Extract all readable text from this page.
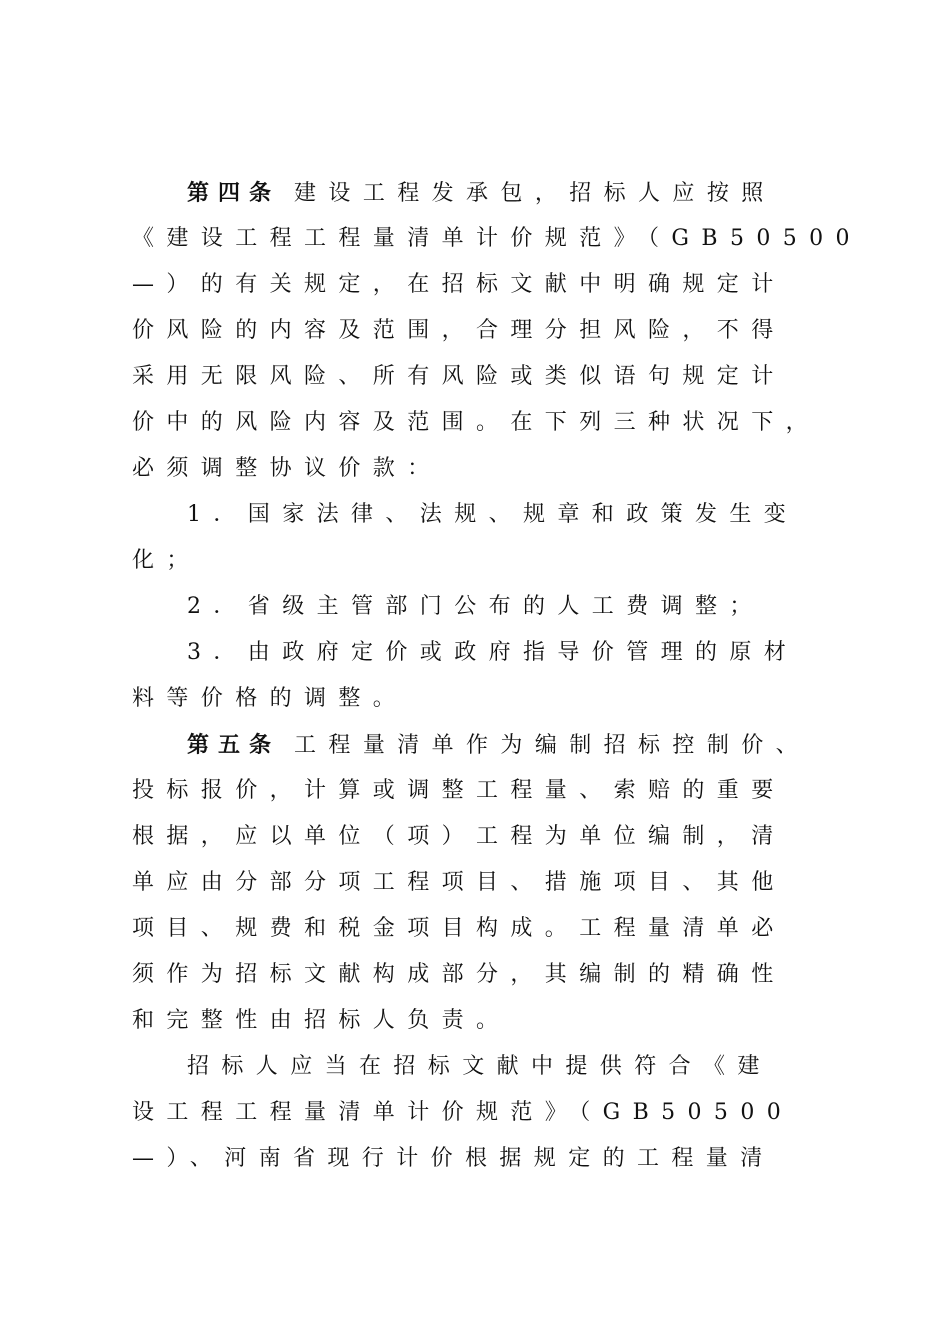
第四条 建设工程发承包，招标人应按照
《建设工程工程量清单计价规范》（GB50500
—）的有关规定，在招标文献中明确规定计
价风险的内容及范围，合理分担风险，不得
采用无限风险、所有风险或类似语句规定计
价中的风险内容及范围。在下列三种状况下，
必须调整协议价款：
1．国家法律、法规、规章和政策发生变
化；
2．省级主管部门公布的人工费调整；
3．由政府定价或政府指导价管理的原材
料等价格的调整。
第五条 工程量清单作为编制招标控制价、
投标报价，计算或调整工程量、索赔的重要
根据，应以单位（项）工程为单位编制，清
单应由分部分项工程项目、措施项目、其他
项目、规费和税金项目构成。工程量清单必
须作为招标文献构成部分，其编制的精确性
和完整性由招标人负责。
招标人应当在招标文献中提供符合《建
设工程工程量清单计价规范》（GB50500
—）、河南省现行计价根据规定的工程量清
